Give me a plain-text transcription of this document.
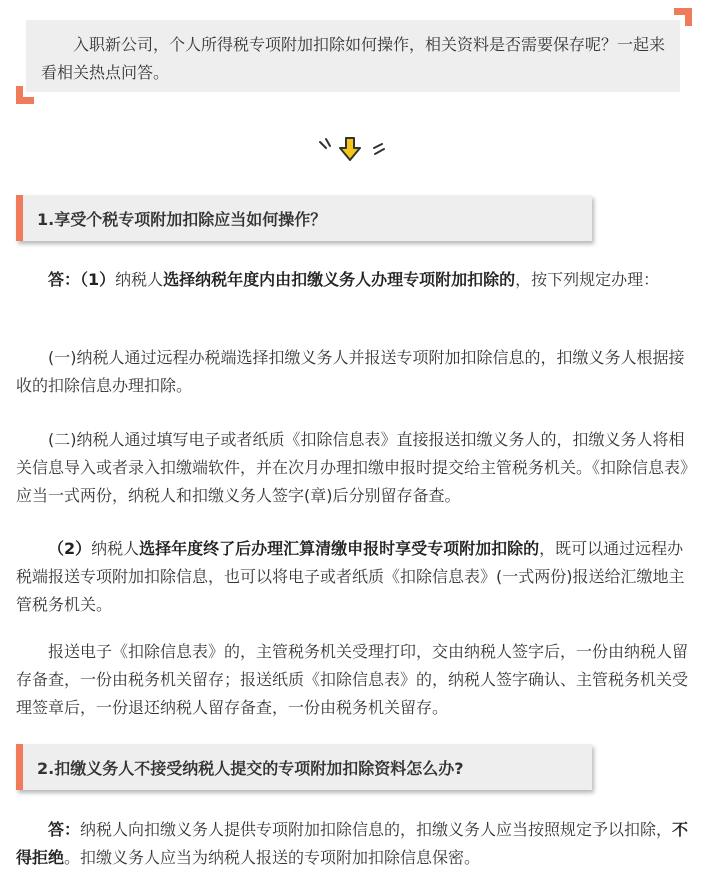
入职新公司，个人所得税专项附加扣除如何操作，相关资料是否需要保存呢？一起来看相关热点问答。

1.享受个税专项附加扣除应当如何操作？

答：（1）纳税人选择纳税年度内由扣缴义务人办理专项附加扣除的，按下列规定办理：

(一)纳税人通过远程办税端选择扣缴义务人并报送专项附加扣除信息的，扣缴义务人根据接收的扣除信息办理扣除。

(二)纳税人通过填写电子或者纸质《扣除信息表》直接报送扣缴义务人的，扣缴义务人将相关信息导入或者录入扣缴端软件，并在次月办理扣缴申报时提交给主管税务机关。《扣除信息表》应当一式两份，纳税人和扣缴义务人签字(章)后分别留存备查。

（2）纳税人选择年度终了后办理汇算清缴申报时享受专项附加扣除的，既可以通过远程办税端报送专项附加扣除信息，也可以将电子或者纸质《扣除信息表》(一式两份)报送给汇缴地主管税务机关。

报送电子《扣除信息表》的，主管税务机关受理打印，交由纳税人签字后，一份由纳税人留存备查，一份由税务机关留存；报送纸质《扣除信息表》的，纳税人签字确认、主管税务机关受理签章后，一份退还纳税人留存备查，一份由税务机关留存。

2.扣缴义务人不接受纳税人提交的专项附加扣除资料怎么办?

答：纳税人向扣缴义务人提供专项附加扣除信息的，扣缴义务人应当按照规定予以扣除，不得拒绝。扣缴义务人应当为纳税人报送的专项附加扣除信息保密。
